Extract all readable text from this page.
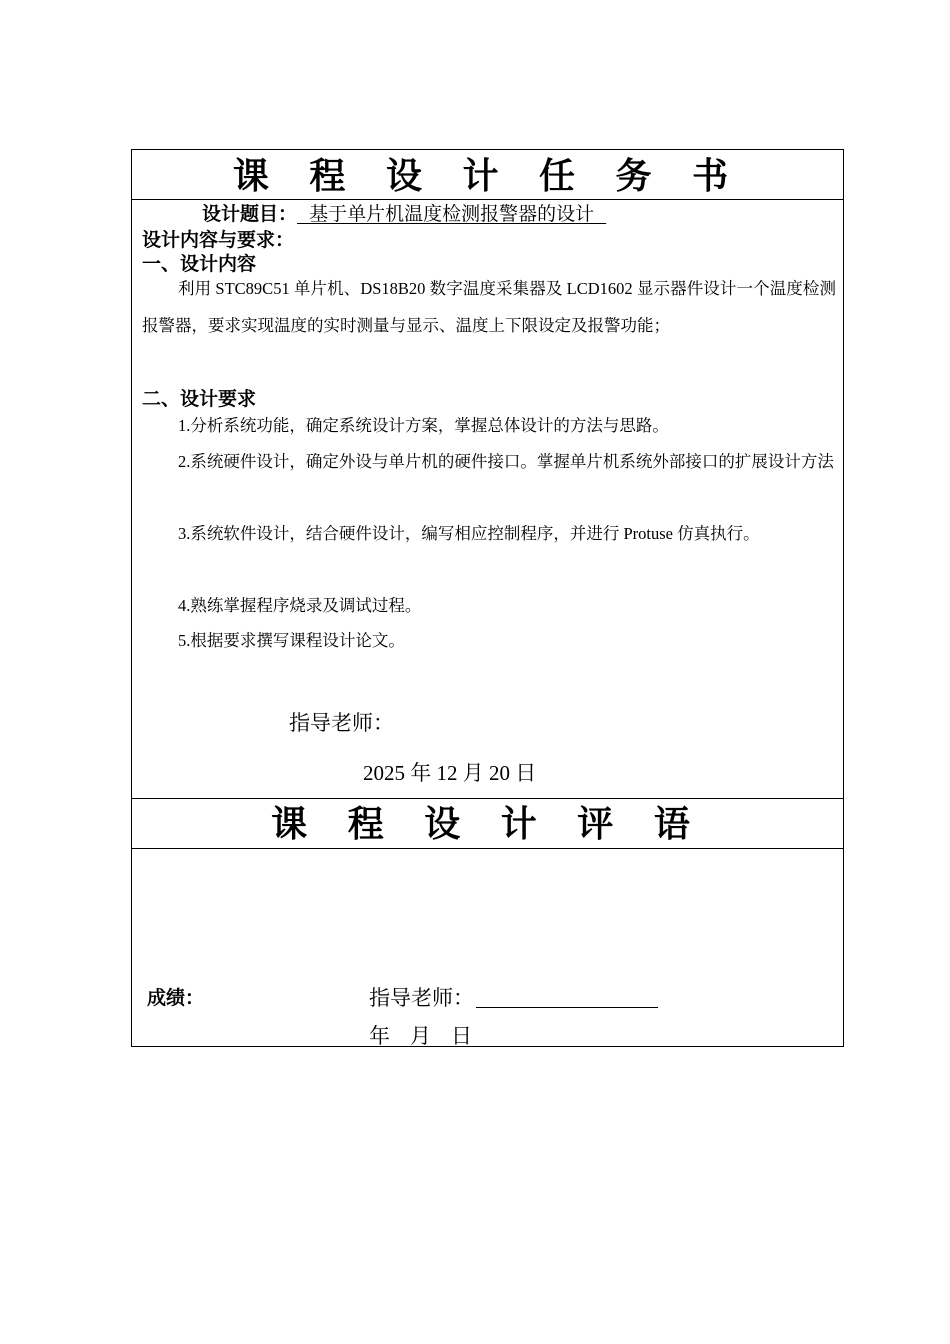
课 程 设 计 任 务 书
设计题目：  基于单片机温度检测报警器的设计
设计内容与要求：
一、设计内容
利用 STC89C51 单片机、DS18B20 数字温度采集器及 LCD1602 显示器件设计一个温度检测报警器，要求实现温度的实时测量与显示、温度上下限设定及报警功能；
二、设计要求
1.分析系统功能，确定系统设计方案，掌握总体设计的方法与思路。
2.系统硬件设计，确定外设与单片机的硬件接口。掌握单片机系统外部接口的扩展设计方法
3.系统软件设计，结合硬件设计，编写相应控制程序，并进行 Protuse 仿真执行。
4.熟练掌握程序烧录及调试过程。
5.根据要求撰写课程设计论文。
指导老师：
2025 年 12 月 20 日
课 程 设 计 评 语
成绩：	指导老师：
年   月   日
